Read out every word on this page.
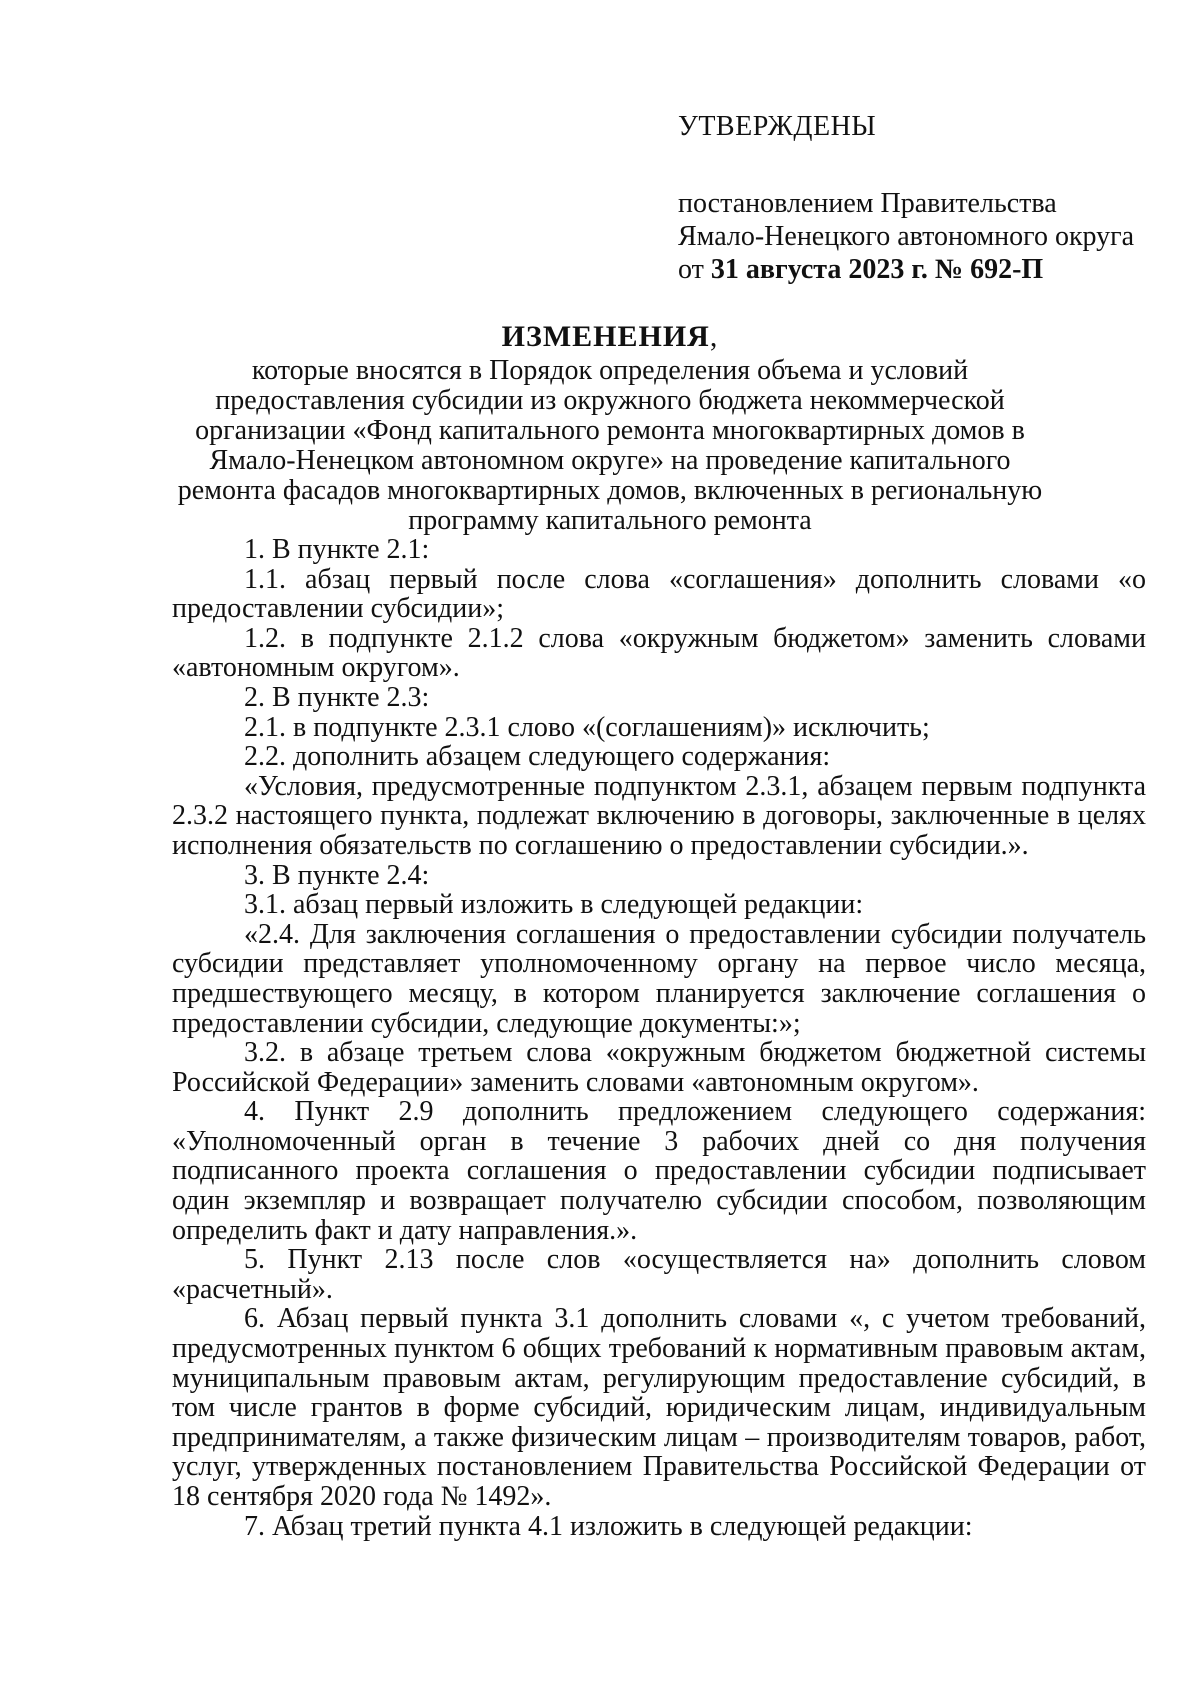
УТВЕРЖДЕНЫ
постановлением Правительства
Ямало-Ненецкого автономного округа
от 31 августа 2023 г. № 692-П
ИЗМЕНЕНИЯ,
которые вносятся в Порядок определения объема и условий предоставления субсидии из окружного бюджета некоммерческой организации «Фонд капитального ремонта многоквартирных домов в Ямало-Ненецком автономном округе» на проведение капитального ремонта фасадов многоквартирных домов, включенных в региональную программу капитального ремонта

1. В пункте 2.1:

1.1. абзац первый после слова «соглашения» дополнить словами «о предоставлении субсидии»;

1.2. в подпункте 2.1.2 слова «окружным бюджетом» заменить словами «автономным округом».

2. В пункте 2.3:

2.1. в подпункте 2.3.1 слово «(соглашениям)» исключить;

2.2. дополнить абзацем следующего содержания:

«Условия, предусмотренные подпунктом 2.3.1, абзацем первым подпункта 2.3.2 настоящего пункта, подлежат включению в договоры, заключенные в целях исполнения обязательств по соглашению о предоставлении субсидии.».

3. В пункте 2.4:

3.1. абзац первый изложить в следующей редакции:

«2.4. Для заключения соглашения о предоставлении субсидии получатель субсидии представляет уполномоченному органу на первое число месяца, предшествующего месяцу, в котором планируется заключение соглашения о предоставлении субсидии, следующие документы:»;

3.2. в абзаце третьем слова «окружным бюджетом бюджетной системы Российской Федерации» заменить словами «автономным округом».

4. Пункт 2.9 дополнить предложением следующего содержания: «Уполномоченный орган в течение 3 рабочих дней со дня получения подписанного проекта соглашения о предоставлении субсидии подписывает один экземпляр и возвращает получателю субсидии способом, позволяющим определить факт и дату направления.».

5. Пункт 2.13 после слов «осуществляется на» дополнить словом «расчетный».

6. Абзац первый пункта 3.1 дополнить словами «, с учетом требований, предусмотренных пунктом 6 общих требований к нормативным правовым актам, муниципальным правовым актам, регулирующим предоставление субсидий, в том числе грантов в форме субсидий, юридическим лицам, индивидуальным предпринимателям, а также физическим лицам – производителям товаров, работ, услуг, утвержденных постановлением Правительства Российской Федерации от 18 сентября 2020 года № 1492».

7. Абзац третий пункта 4.1 изложить в следующей редакции:
